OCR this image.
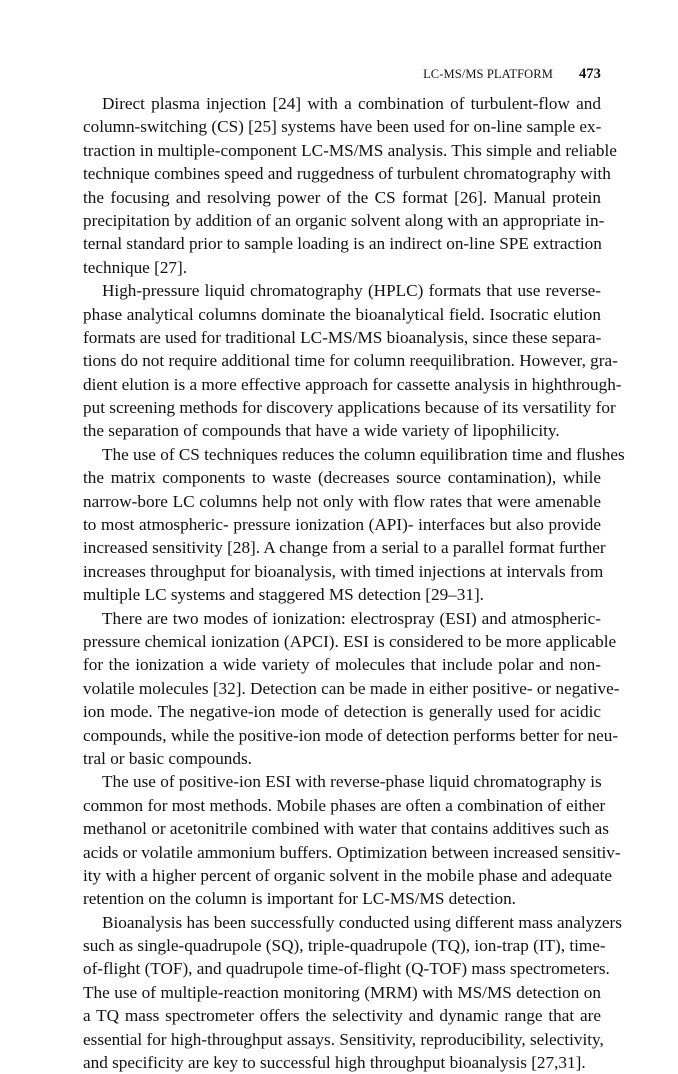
LC-MS/MS PLATFORM 473
Direct plasma injection [24] with a combination of turbulent-flow and
column-switching (CS) [25] systems have been used for on-line sample ex-
traction in multiple-component LC-MS/MS analysis. This simple and reliable
technique combines speed and ruggedness of turbulent chromatography with
the focusing and resolving power of the CS format [26]. Manual protein
precipitation by addition of an organic solvent along with an appropriate in-
ternal standard prior to sample loading is an indirect on-line SPE extraction
technique [27].
High-pressure liquid chromatography (HPLC) formats that use reverse-
phase analytical columns dominate the bioanalytical field. Isocratic elution
formats are used for traditional LC-MS/MS bioanalysis, since these separa-
tions do not require additional time for column reequilibration. However, gra-
dient elution is a more effective approach for cassette analysis in highthrough-
put screening methods for discovery applications because of its versatility for
the separation of compounds that have a wide variety of lipophilicity.
The use of CS techniques reduces the column equilibration time and flushes
the matrix components to waste (decreases source contamination), while
narrow-bore LC columns help not only with flow rates that were amenable
to most atmospheric- pressure ionization (API)- interfaces but also provide
increased sensitivity [28]. A change from a serial to a parallel format further
increases throughput for bioanalysis, with timed injections at intervals from
multiple LC systems and staggered MS detection [29–31].
There are two modes of ionization: electrospray (ESI) and atmospheric-
pressure chemical ionization (APCI). ESI is considered to be more applicable
for the ionization a wide variety of molecules that include polar and non-
volatile molecules [32]. Detection can be made in either positive- or negative-
ion mode. The negative-ion mode of detection is generally used for acidic
compounds, while the positive-ion mode of detection performs better for neu-
tral or basic compounds.
The use of positive-ion ESI with reverse-phase liquid chromatography is
common for most methods. Mobile phases are often a combination of either
methanol or acetonitrile combined with water that contains additives such as
acids or volatile ammonium buffers. Optimization between increased sensitiv-
ity with a higher percent of organic solvent in the mobile phase and adequate
retention on the column is important for LC-MS/MS detection.
Bioanalysis has been successfully conducted using different mass analyzers
such as single-quadrupole (SQ), triple-quadrupole (TQ), ion-trap (IT), time-
of-flight (TOF), and quadrupole time-of-flight (Q-TOF) mass spectrometers.
The use of multiple-reaction monitoring (MRM) with MS/MS detection on
a TQ mass spectrometer offers the selectivity and dynamic range that are
essential for high-throughput assays. Sensitivity, reproducibility, selectivity,
and specificity are key to successful high throughput bioanalysis [27,31].
